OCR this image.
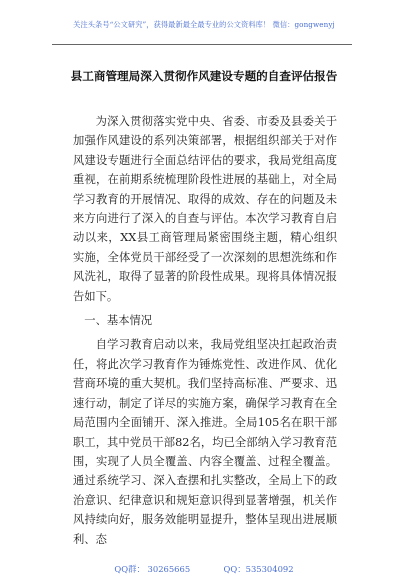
关注头条号“公文研究”，获得最新最全最专业的公文资料库！ 微信：gongwenyj
县工商管理局深入贯彻作风建设专题的自查评估报告

为深入贯彻落实党中央、省委、市委及县委关于加强作风建设的系列决策部署，根据组织部关于对作风建设专题进行全面总结评估的要求，我局党组高度重视，在前期系统梳理阶段性进展的基础上，对全局学习教育的开展情况、取得的成效、存在的问题及未来方向进行了深入的自查与评估。本次学习教育自启动以来，XX县工商管理局紧密围绕主题，精心组织实施，全体党员干部经受了一次深刻的思想洗练和作风洗礼，取得了显著的阶段性成果。现将具体情况报告如下。

一、基本情况

自学习教育启动以来，我局党组坚决扛起政治责任，将此次学习教育作为锤炼党性、改进作风、优化营商环境的重大契机。我们坚持高标准、严要求、迅速行动，制定了详尽的实施方案，确保学习教育在全局范围内全面铺开、深入推进。全局105名在职干部职工，其中党员干部82名，均已全部纳入学习教育范围，实现了人员全覆盖、内容全覆盖、过程全覆盖。通过系统学习、深入查摆和扎实整改，全局上下的政治意识、纪律意识和规矩意识得到显著增强，机关作风持续向好，服务效能明显提升，整体呈现出进展顺利、态

QQ群： 30265665	QQ：535304092
